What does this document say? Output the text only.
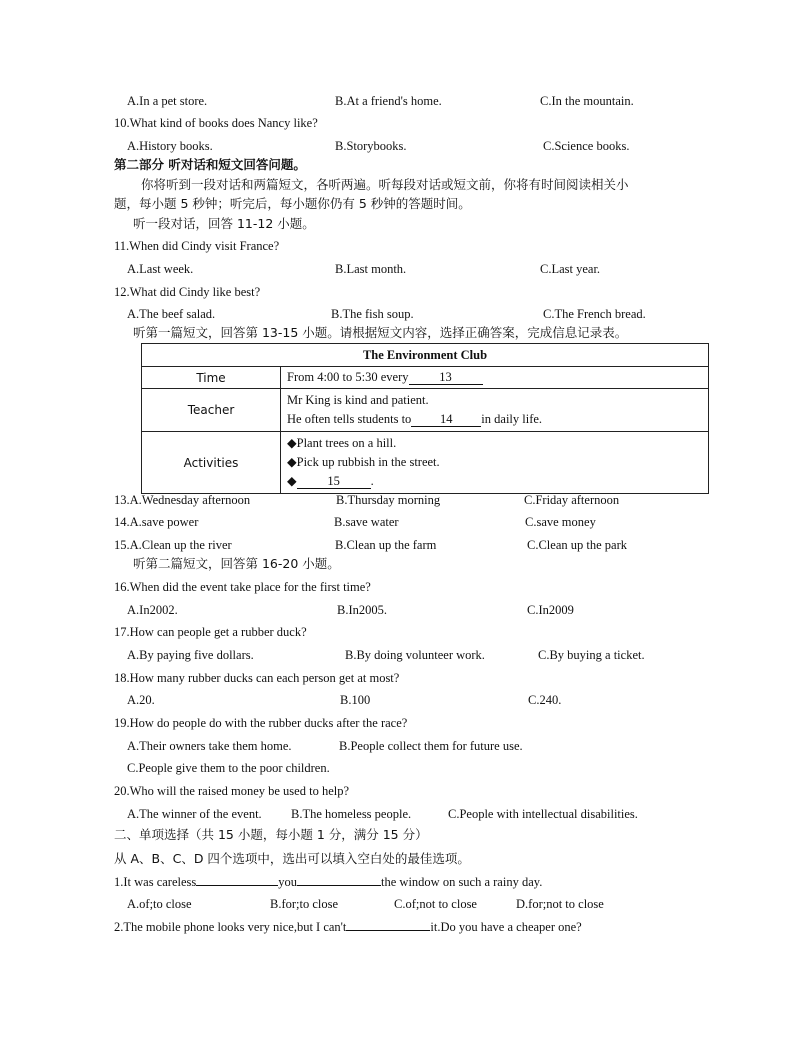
A.In a pet store.	B.At a friend's home.	C.In the mountain.
10.What kind of books does Nancy like?
A.History books.	B.Storybooks.	C.Science books.
第二部分 听对话和短文回答问题。
你将听到一段对话和两篇短文，各听两遍。听每段对话或短文前，你将有时间阅读相关小
题，每小题 5 秒钟；听完后，每小题你仍有 5 秒钟的答题时间。
听一段对话，回答 11-12 小题。
11.When did Cindy visit France?
A.Last week.	B.Last month.	C.Last year.
12.What did Cindy like best?
A.The beef salad.	B.The fish soup.	C.The French bread.
听第一篇短文，回答第 13-15 小题。请根据短文内容，选择正确答案，完成信息记录表。
The Environment Club	
Time	From 4:00 to 5:30 every 13
Teacher	Mr King is kind and patient.
He often tells students to 14 in daily life.

Activities	◆Plant trees on a hill.
◆Pick up rubbish in the street.
◆ 15 .
13.A.Wednesday afternoon	B.Thursday morning	C.Friday afternoon
14.A.save power	B.save water	C.save money
15.A.Clean up the river	B.Clean up the farm	C.Clean up the park
听第二篇短文，回答第 16-20 小题。
16.When did the event take place for the first time?
A.In2002.	B.In2005.	C.In2009
17.How can people get a rubber duck?
A.By paying five dollars.	B.By doing volunteer work.	C.By buying a ticket.
18.How many rubber ducks can each person get at most?
A.20.	B.100	C.240.
19.How do people do with the rubber ducks after the race?
A.Their owners take them home.	B.People collect them for future use.
C.People give them to the poor children.
20.Who will the raised money be used to help?
A.The winner of the event. B.The homeless people.	C.People with intellectual disabilities.
二、单项选择（共 15 小题，每小题 1 分，满分 15 分）
从 A、B、C、D 四个选项中，选出可以填入空白处的最佳选项。
1.It was careless	you	the window on such a rainy day.
A.of;to close	B.for;to close	C.of;not to close	D.for;not to close
2.The mobile phone looks very nice,but I can't	it.Do you have a cheaper one?
